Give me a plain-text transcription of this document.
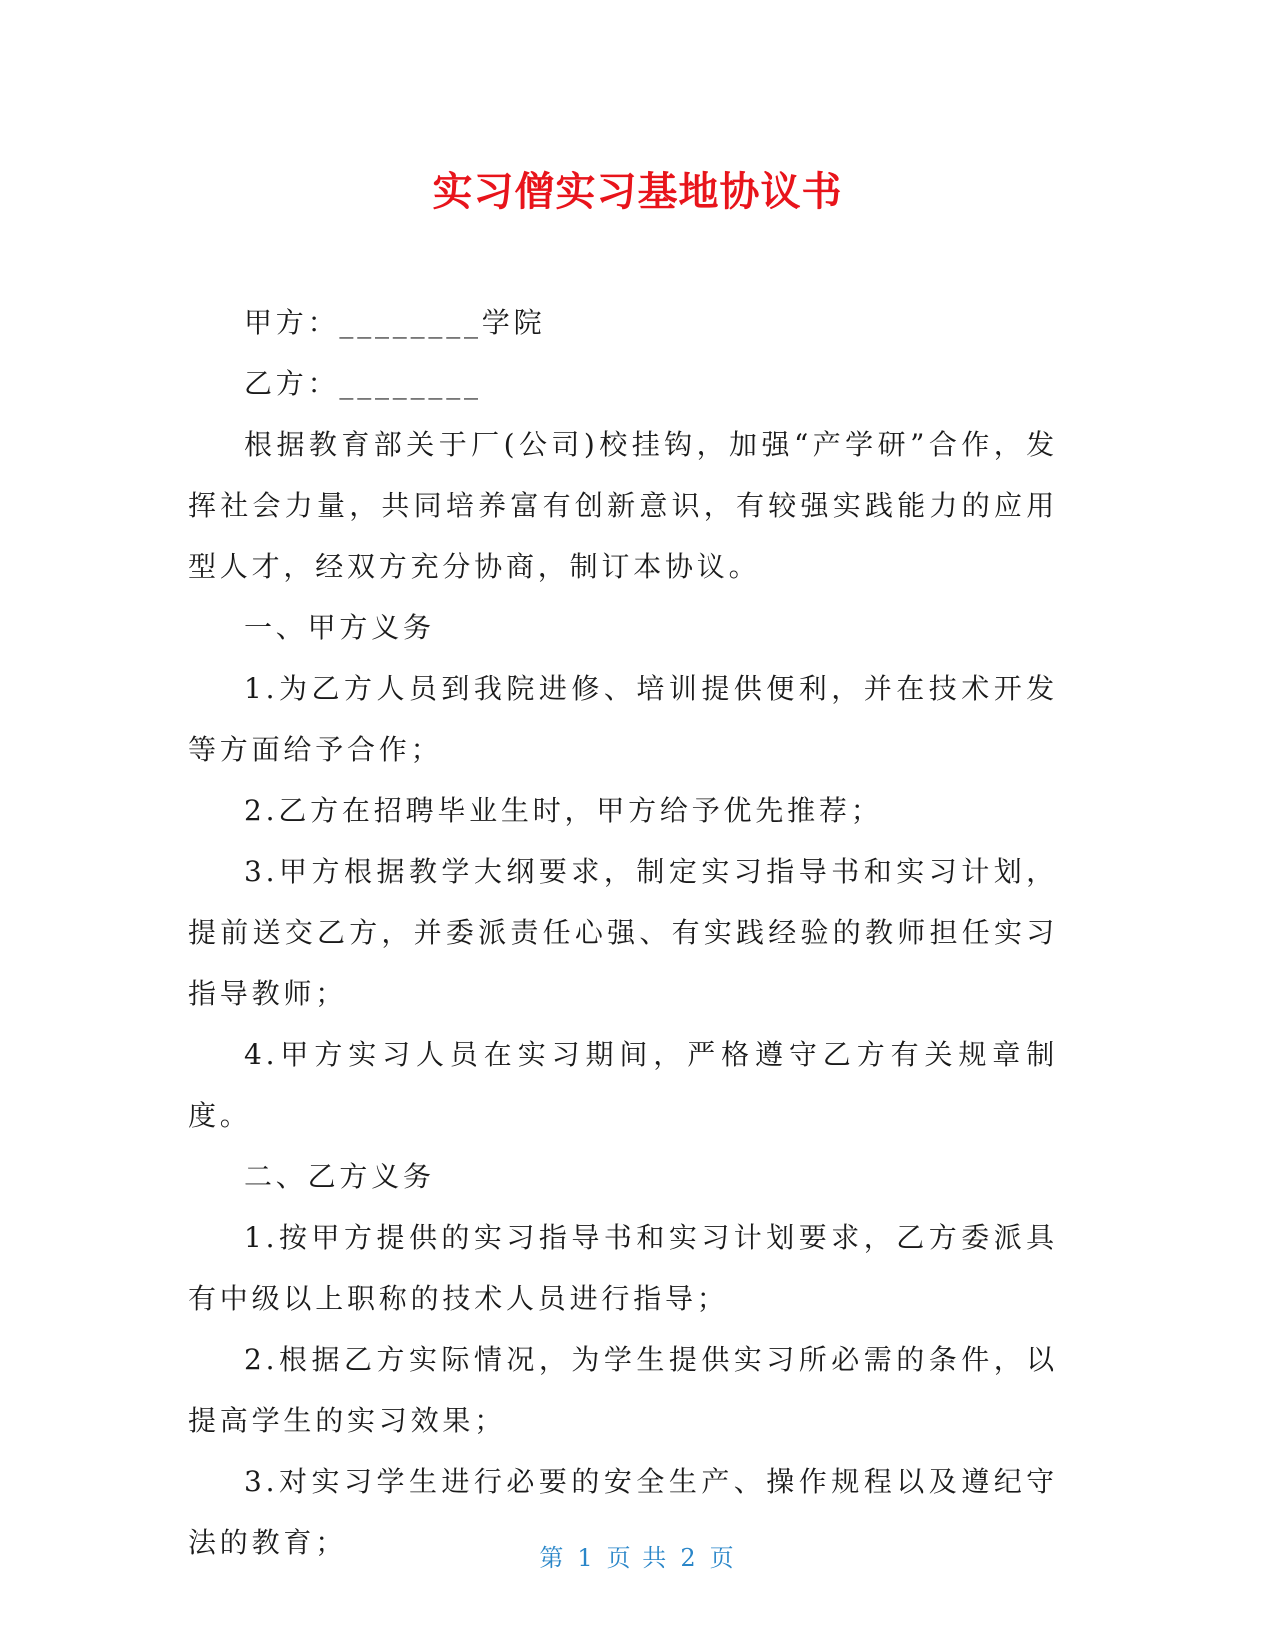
实习僧实习基地协议书

甲方：________学院

乙方：________

根据教育部关于厂(公司)校挂钩，加强“产学研”合作，发挥社会力量，共同培养富有创新意识，有较强实践能力的应用型人才，经双方充分协商，制订本协议。

一、甲方义务

1.为乙方人员到我院进修、培训提供便利，并在技术开发等方面给予合作；

2.乙方在招聘毕业生时，甲方给予优先推荐；

3.甲方根据教学大纲要求，制定实习指导书和实习计划，提前送交乙方，并委派责任心强、有实践经验的教师担任实习指导教师；

4.甲方实习人员在实习期间，严格遵守乙方有关规章制度。

二、乙方义务

1.按甲方提供的实习指导书和实习计划要求，乙方委派具有中级以上职称的技术人员进行指导；

2.根据乙方实际情况，为学生提供实习所必需的条件，以提高学生的实习效果；

3.对实习学生进行必要的安全生产、操作规程以及遵纪守法的教育；	第 1 页 共 2 页
